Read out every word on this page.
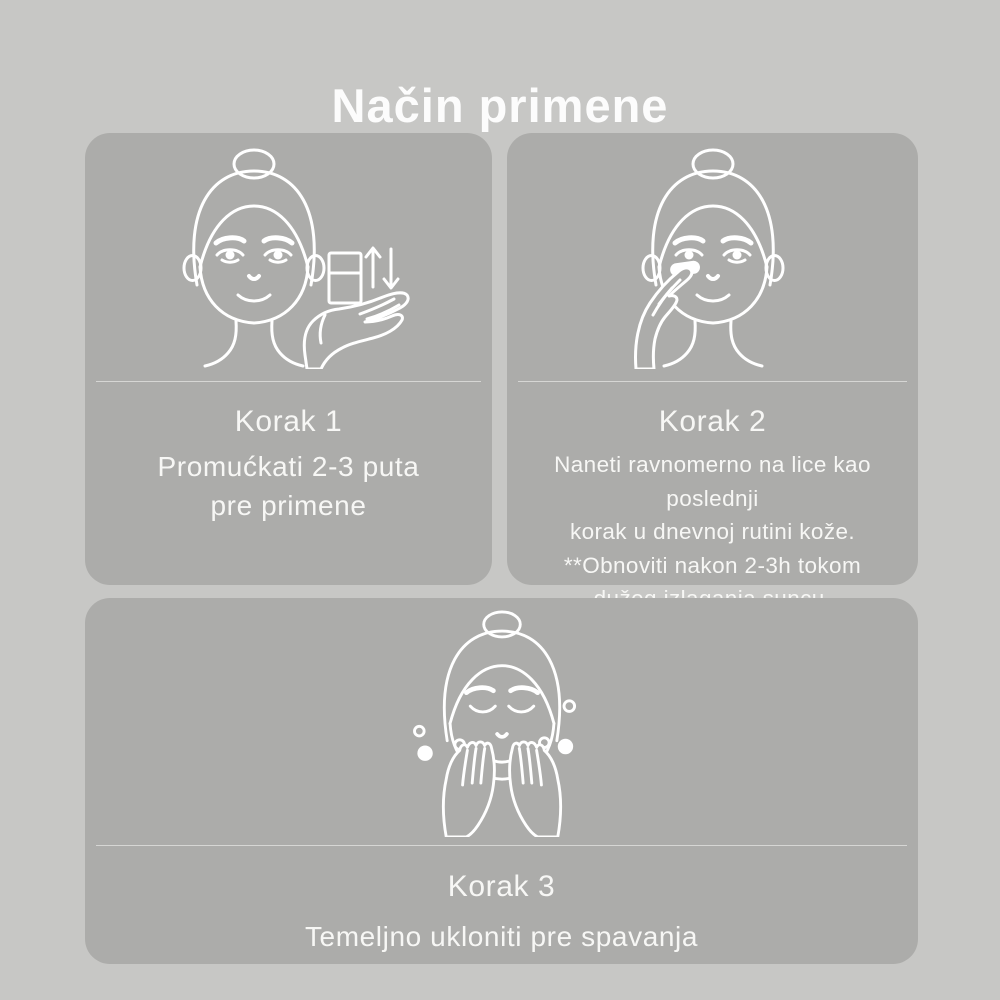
Način primene
Korak 1
Promućkati 2-3 puta
pre primene
Korak 2
Naneti ravnomerno na lice kao poslednji
korak u dnevnoj rutini kože.
**Obnoviti nakon 2-3h tokom
Korak 3
Temeljno ukloniti pre spavanja
